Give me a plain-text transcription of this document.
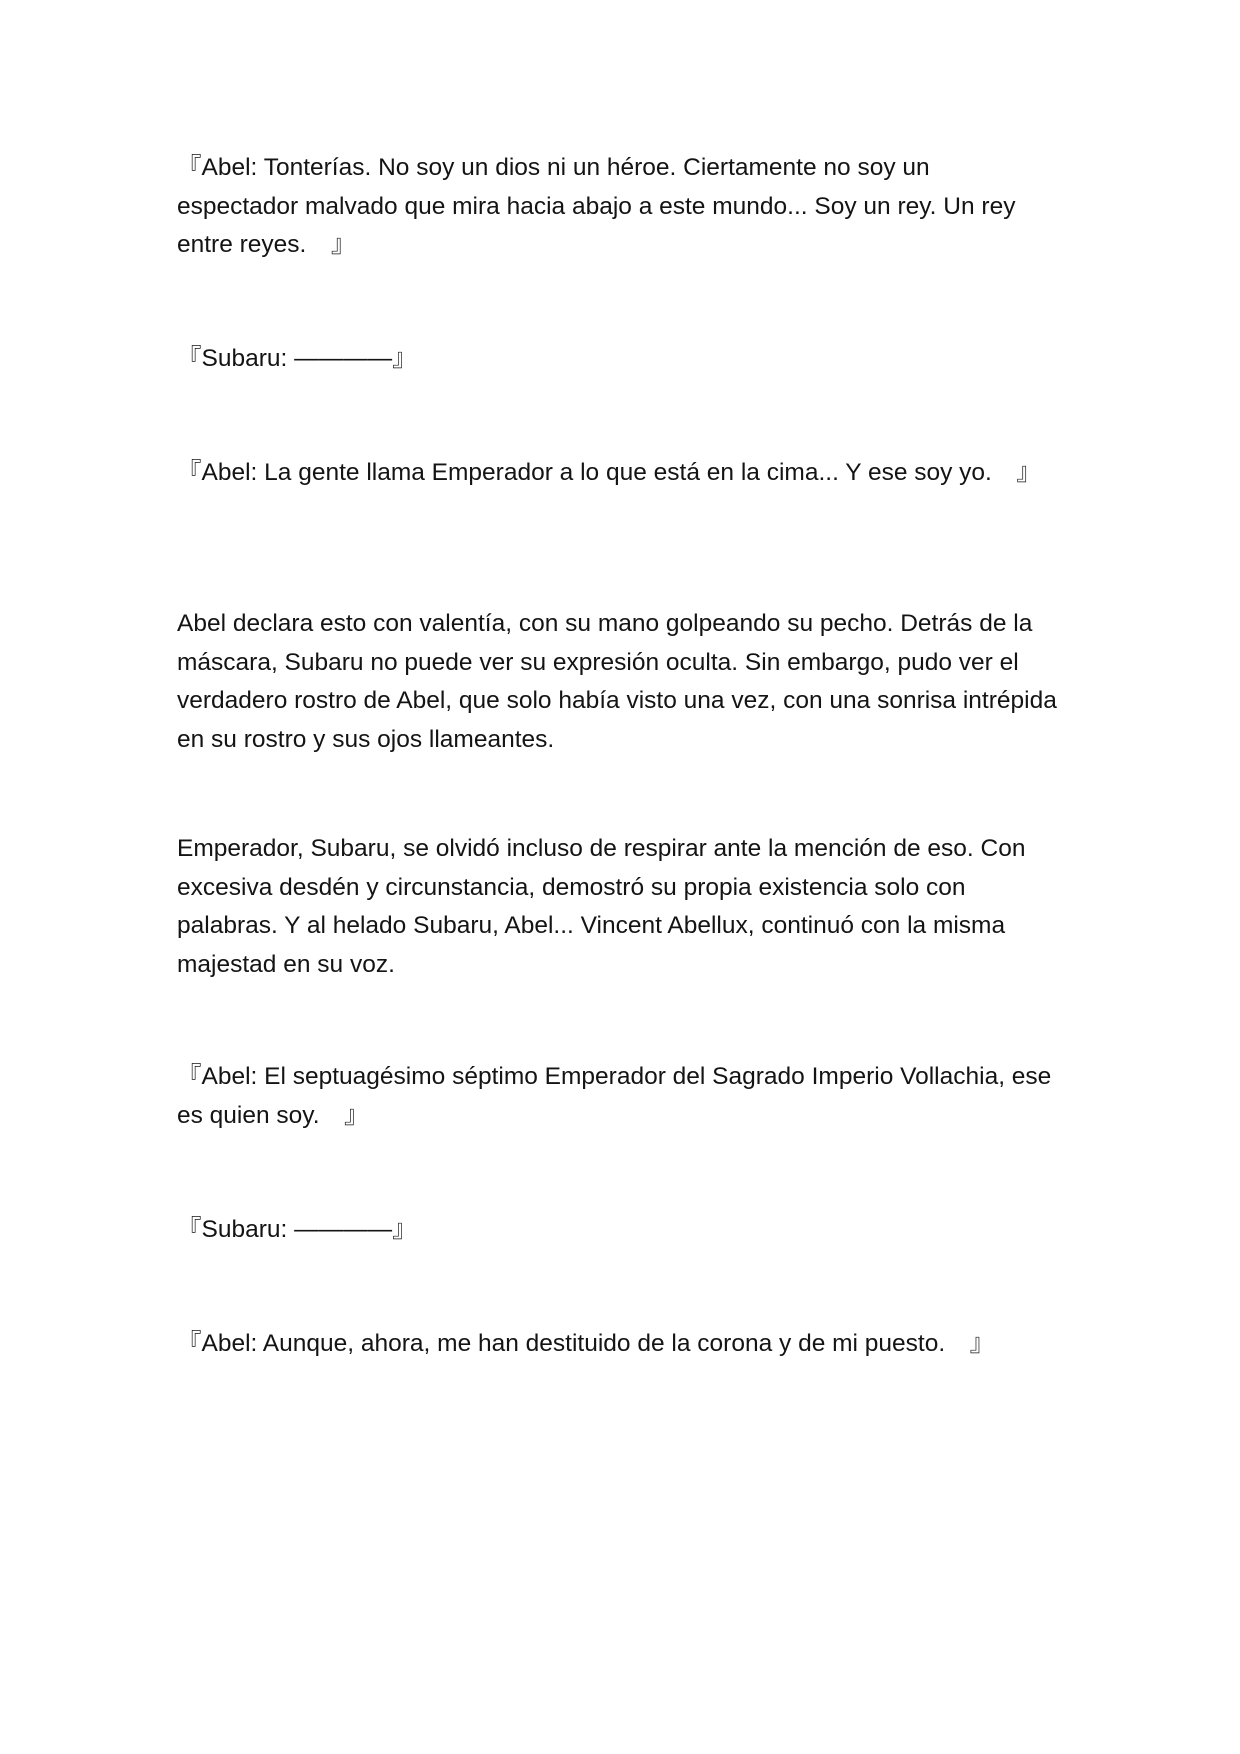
『Abel: Tonterías. No soy un dios ni un héroe. Ciertamente no soy un espectador malvado que mira hacia abajo a este mundo... Soy un rey. Un rey entre reyes.　』

『Subaru: ――――』

『Abel: La gente llama Emperador a lo que está en la cima... Y ese soy yo.　』

Abel declara esto con valentía, con su mano golpeando su pecho. Detrás de la máscara, Subaru no puede ver su expresión oculta. Sin embargo, pudo ver el verdadero rostro de Abel, que solo había visto una vez, con una sonrisa intrépida en su rostro y sus ojos llameantes.

Emperador, Subaru, se olvidó incluso de respirar ante la mención de eso. Con excesiva desdén y circunstancia, demostró su propia existencia solo con palabras. Y al helado Subaru, Abel... Vincent Abellux, continuó con la misma majestad en su voz.

『Abel: El septuagésimo séptimo Emperador del Sagrado Imperio Vollachia, ese es quien soy.　』

『Subaru: ――――』

『Abel: Aunque, ahora, me han destituido de la corona y de mi puesto.　』
